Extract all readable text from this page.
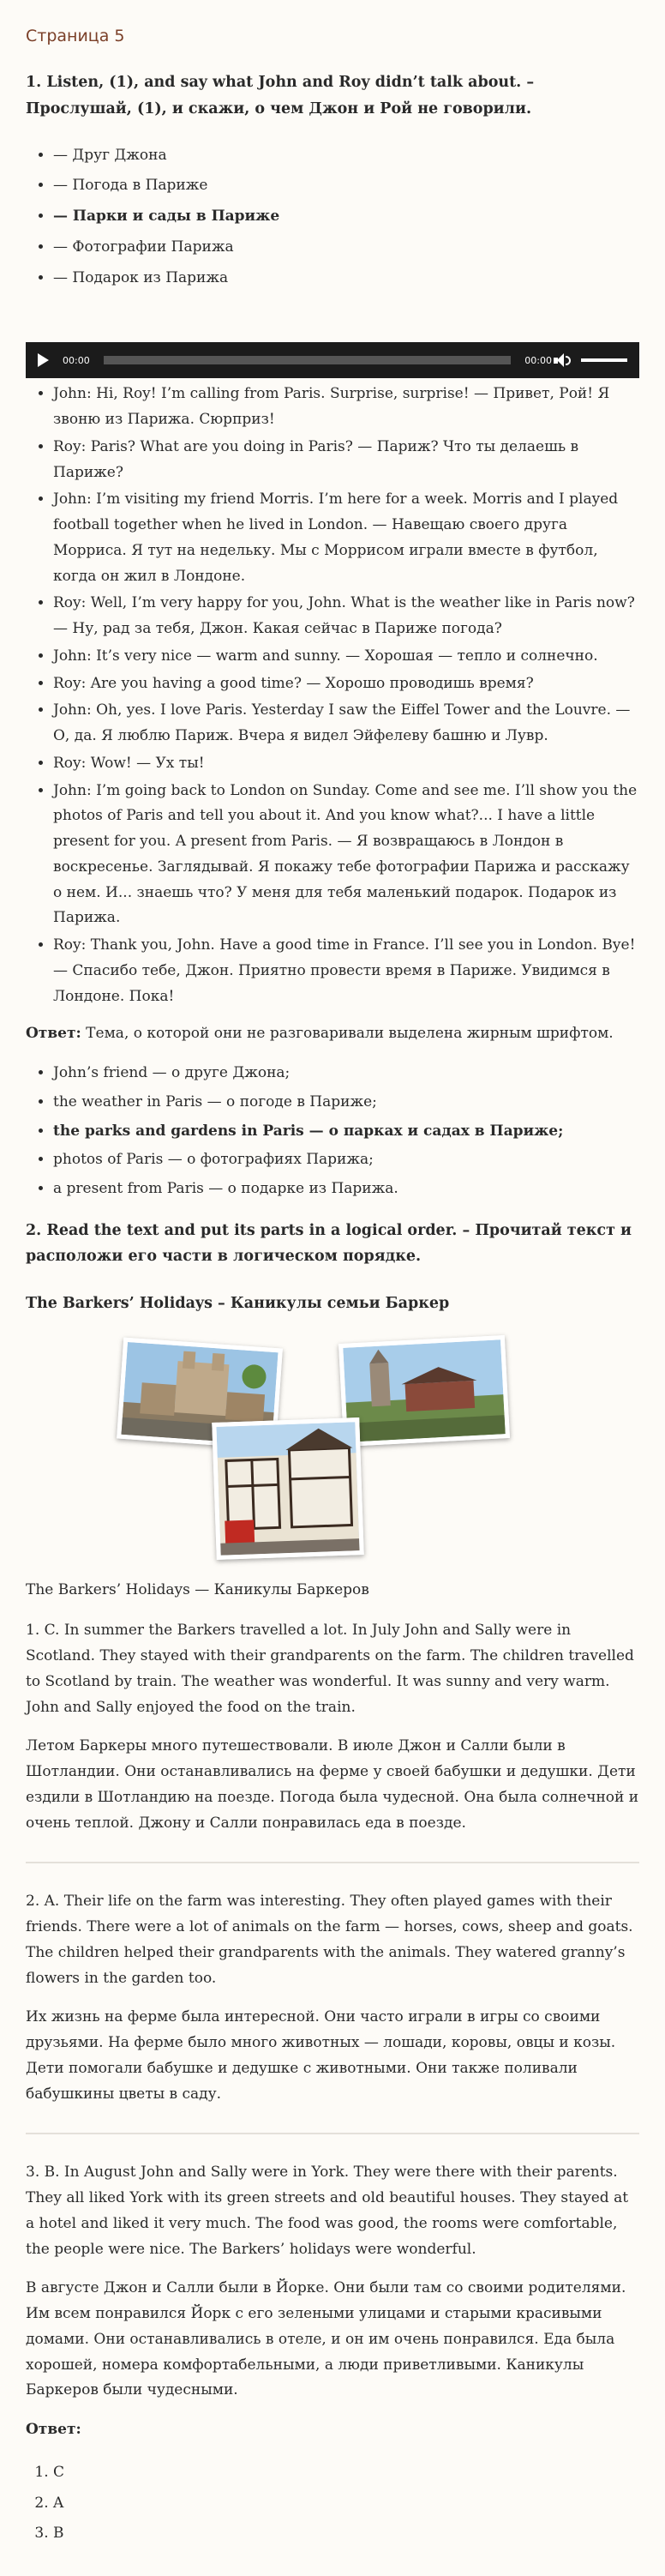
Страница 5

1. Listen, (1), and say what John and Roy didn’t talk about. – Прослушай, (1), и скажи, о чем Джон и Рой не говорили.

• — Друг Джона
• — Погода в Париже
• — Парки и сады в Париже
• — Фотографии Парижа
• — Подарок из Парижа
00:00	00:00
• John: Hi, Roy! I’m calling from Paris. Surprise, surprise! — Привет, Рой! Я звоню из Парижа. Сюрприз!
• Roy: Paris? What are you doing in Paris? — Париж? Что ты делаешь в Париже?
• John: I’m visiting my friend Morris. I’m here for a week. Morris and I played football together when he lived in London. — Навещаю своего друга Морриса. Я тут на недельку. Мы с Моррисом играли вместе в футбол, когда он жил в Лондоне.
• Roy: Well, I’m very happy for you, John. What is the weather like in Paris now? — Ну, рад за тебя, Джон. Какая сейчас в Париже погода?
• John: It’s very nice — warm and sunny. — Хорошая — тепло и солнечно.
• Roy: Are you having a good time? — Хорошо проводишь время?
• John: Oh, yes. I love Paris. Yesterday I saw the Eiffel Tower and the Louvre. — О, да. Я люблю Париж. Вчера я видел Эйфелеву башню и Лувр.
• Roy: Wow! — Ух ты!
• John: I’m going back to London on Sunday. Come and see me. I’ll show you the photos of Paris and tell you about it. And you know what?... I have a little present for you. A present from Paris. — Я возвращаюсь в Лондон в воскресенье. Заглядывай. Я покажу тебе фотографии Парижа и расскажу о нем. И... знаешь что? У меня для тебя маленький подарок. Подарок из Парижа.
• Roy: Thank you, John. Have a good time in France. I’ll see you in London. Bye! — Спасибо тебе, Джон. Приятно провести время в Париже. Увидимся в Лондоне. Пока!

Ответ: Тема, о которой они не разговаривали выделена жирным шрифтом.

• John’s friend — о друге Джона;
• the weather in Paris — о погоде в Париже;
• the parks and gardens in Paris — о парках и садах в Париже;
• photos of Paris — о фотографиях Парижа;
• a present from Paris — о подарке из Парижа.

2. Read the text and put its parts in a logical order. – Прочитай текст и расположи его части в логическом порядке.

The Barkers’ Holidays – Каникулы семьи Баркер

The Barkers’ Holidays — Каникулы Баркеров

1. C. In summer the Barkers travelled a lot. In July John and Sally were in Scotland. They stayed with their grandparents on the farm. The children travelled to Scotland by train. The weather was wonderful. It was sunny and very warm. John and Sally enjoyed the food on the train.

Летом Баркеры много путешествовали. В июле Джон и Салли были в Шотландии. Они останавливались на ферме у своей бабушки и дедушки. Дети ездили в Шотландию на поезде. Погода была чудесной. Она была солнечной и очень теплой. Джону и Салли понравилась еда в поезде.

2. A. Their life on the farm was interesting. They often played games with their friends. There were a lot of animals on the farm — horses, cows, sheep and goats. The children helped their grandparents with the animals. They watered granny’s flowers in the garden too.

Их жизнь на ферме была интересной. Они часто играли в игры со своими друзьями. На ферме было много животных — лошади, коровы, овцы и козы. Дети помогали бабушке и дедушке с животными. Они также поливали бабушкины цветы в саду.

3. B. In August John and Sally were in York. They were there with their parents. They all liked York with its green streets and old beautiful houses. They stayed at a hotel and liked it very much. The food was good, the rooms were comfortable, the people were nice. The Barkers’ holidays were wonderful.

В августе Джон и Салли были в Йорке. Они были там со своими родителями. Им всем понравился Йорк с его зелеными улицами и старыми красивыми домами. Они останавливались в отеле, и он им очень понравился. Еда была хорошей, номера комфортабельными, а люди приветливыми. Каникулы Баркеров были чудесными.

Ответ:

1. C
2. A
3. B
